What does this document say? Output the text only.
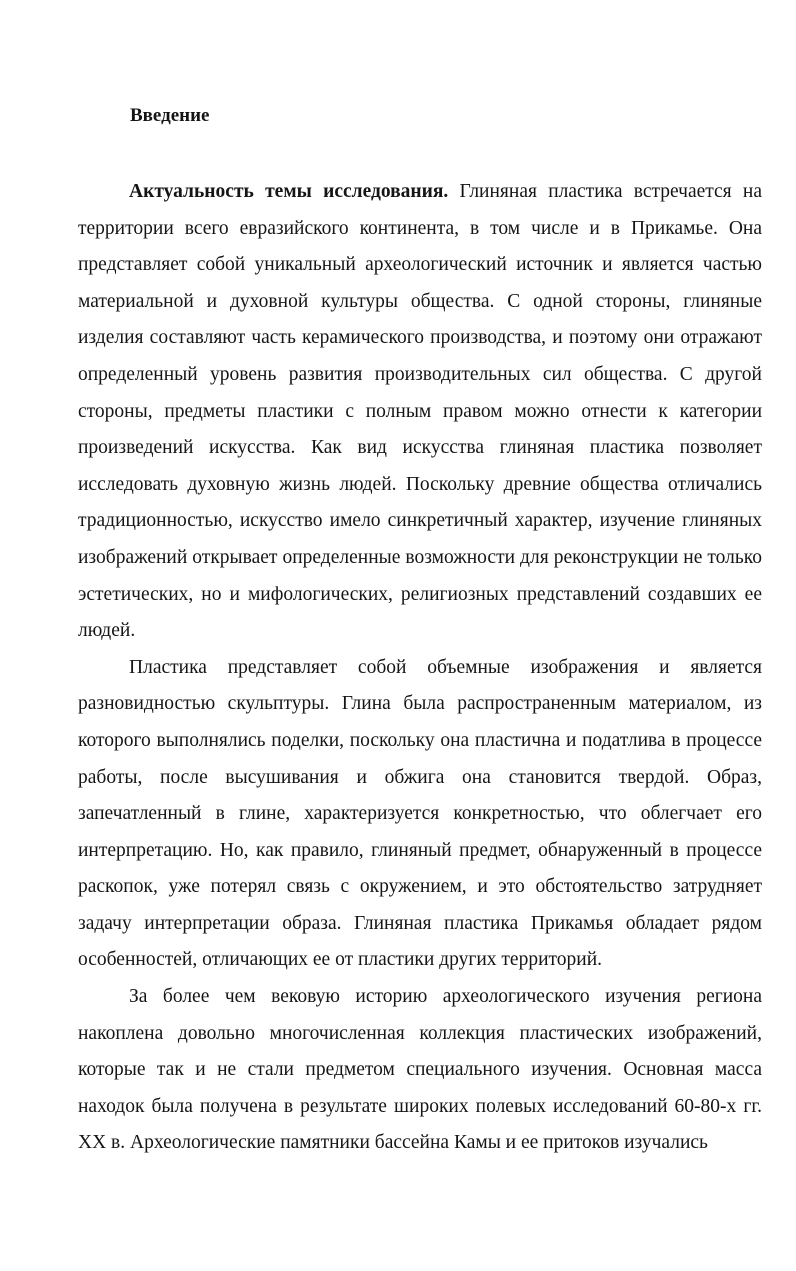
Введение

Актуальность темы исследования. Глиняная пластика встречается на территории всего евразийского континента, в том числе и в Прикамье. Она представляет собой уникальный археологический источник и является частью материальной и духовной культуры общества. С одной стороны, глиняные изделия составляют часть керамического производства, и поэтому они отражают определенный уровень развития производительных сил общества. С другой стороны, предметы пластики с полным правом можно отнести к категории произведений искусства. Как вид искусства глиняная пластика позволяет исследовать духовную жизнь людей. Поскольку древние общества отличались традиционностью, искусство имело синкретичный характер, изучение глиняных изображений открывает определенные возможности для реконструкции не только эстетических, но и мифологических, религиозных представлений создавших ее людей.

Пластика представляет собой объемные изображения и является разновидностью скульптуры. Глина была распространенным материалом, из которого выполнялись поделки, поскольку она пластична и податлива в процессе работы, после высушивания и обжига она становится твердой. Образ, запечатленный в глине, характеризуется конкретностью, что облегчает его интерпретацию. Но, как правило, глиняный предмет, обнаруженный в процессе раскопок, уже потерял связь с окружением, и это обстоятельство затрудняет задачу интерпретации образа. Глиняная пластика Прикамья обладает рядом особенностей, отличающих ее от пластики других территорий.

За более чем вековую историю археологического изучения региона накоплена довольно многочисленная коллекция пластических изображений, которые так и не стали предметом специального изучения. Основная масса находок была получена в результате широких полевых исследований 60-80-х гг. XX в. Археологические памятники бассейна Камы и ее притоков изучались
